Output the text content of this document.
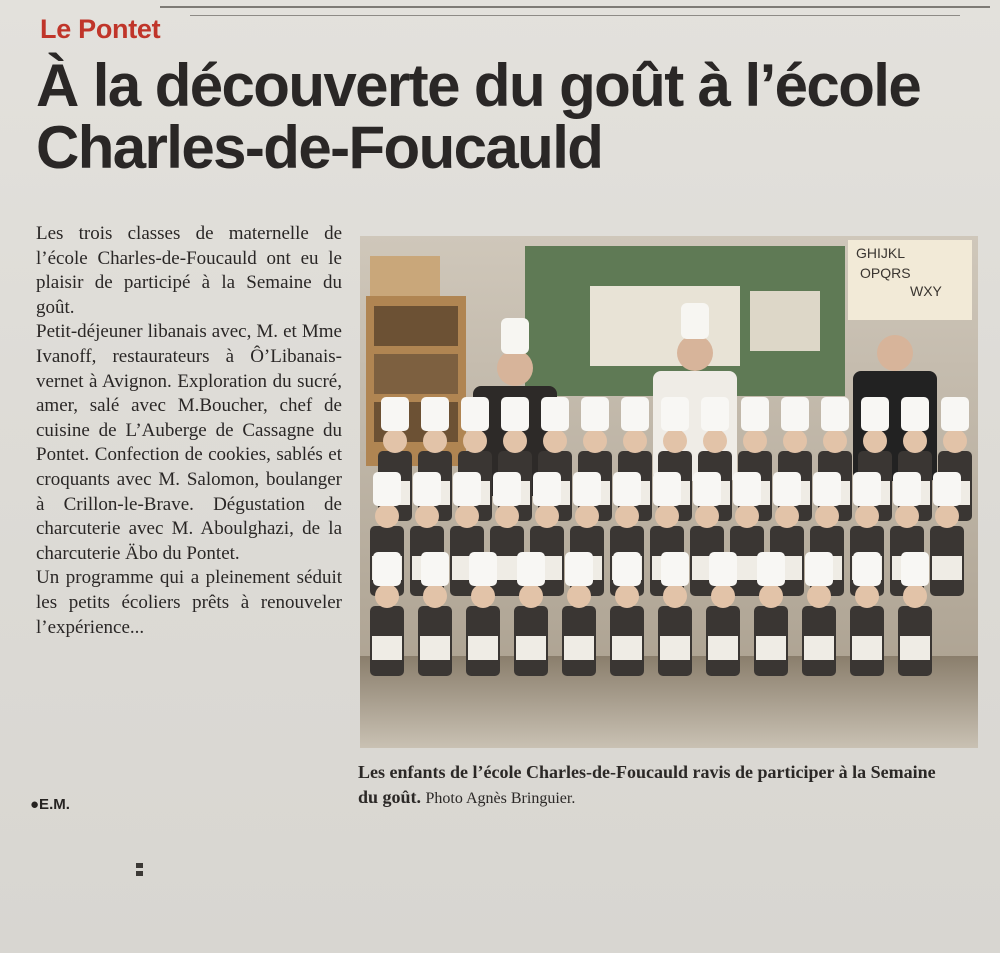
Le Pontet
À la découverte du goût à l’école Charles-de-Foucauld

Les trois classes de maternelle de l’école Charles-de-Foucauld ont eu le plaisir de participé à la Semaine du goût.

Petit-déjeuner libanais avec, M. et Mme Ivanoff, restaurateurs à Ô’Libanais-vernet à Avignon. Exploration du sucré, amer, salé avec M.Boucher, chef de cuisine de L’Auberge de Cassagne du Pontet. Confection de cookies, sablés et croquants avec M. Salomon, boulanger à Crillon-le-Brave. Dégustation de charcuterie avec M. Aboulghazi, de la charcuterie Äbo du Pontet.

Un programme qui a pleinement séduit les petits écoliers prêts à renouveler l’expérience...

●E.M.
GHIJKL
OPQRS
WXY
Les enfants de l’école Charles-de-Foucauld ravis de participer à la Semaine du goût. Photo Agnès Bringuier.
